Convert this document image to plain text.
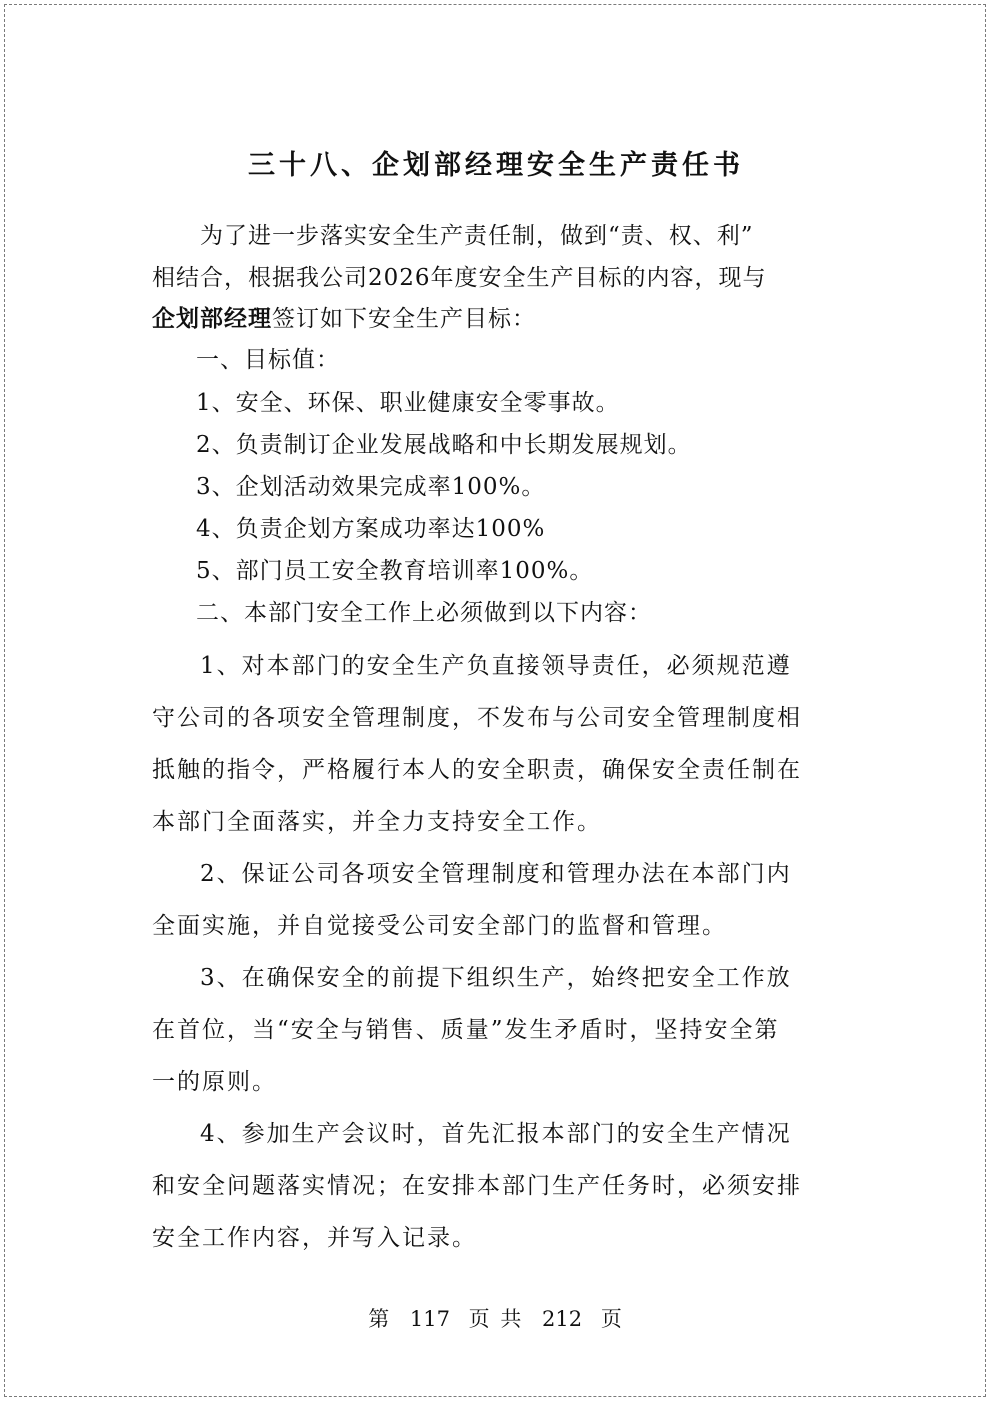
三十八、企划部经理安全生产责任书
为了进一步落实安全生产责任制，做到“责、权、利”
相结合，根据我公司2026年度安全生产目标的内容，现与
企划部经理签订如下安全生产目标：
一、目标值：
1、安全、环保、职业健康安全零事故。
2、负责制订企业发展战略和中长期发展规划。
3、企划活动效果完成率100%。
4、负责企划方案成功率达100%
5、部门员工安全教育培训率100%。
二、本部门安全工作上必须做到以下内容：
1、对本部门的安全生产负直接领导责任，必须规范遵
守公司的各项安全管理制度，不发布与公司安全管理制度相
抵触的指令，严格履行本人的安全职责，确保安全责任制在
本部门全面落实，并全力支持安全工作。
2、保证公司各项安全管理制度和管理办法在本部门内
全面实施，并自觉接受公司安全部门的监督和管理。
3、在确保安全的前提下组织生产，始终把安全工作放
在首位，当“安全与销售、质量”发生矛盾时，坚持安全第
一的原则。
4、参加生产会议时，首先汇报本部门的安全生产情况
和安全问题落实情况；在安排本部门生产任务时，必须安排
安全工作内容，并写入记录。
第 117 页 共 212 页
